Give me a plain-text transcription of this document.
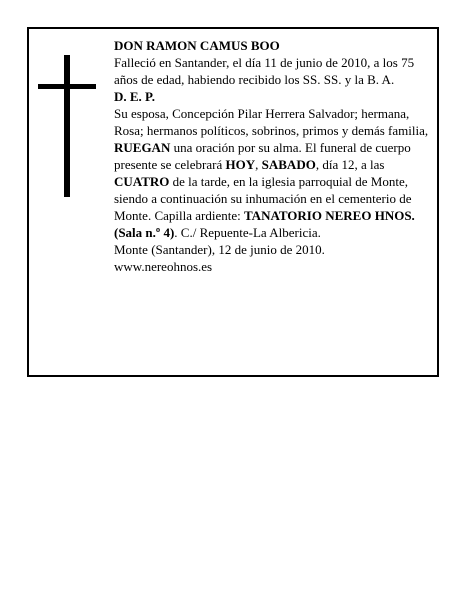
DON RAMON CAMUS BOO

Falleció en Santander, el día 11 de junio de 2010, a los 75 años de edad, habiendo recibido los SS. SS. y la B. A.

D. E. P.

Su esposa, Concepción Pilar Herrera Salvador; hermana, Rosa; hermanos políticos, sobrinos, primos y demás familia,

RUEGAN una oración por su alma. El funeral de cuerpo presente se celebrará HOY, SABADO, día 12, a las CUATRO de la tarde, en la iglesia parroquial de Monte, siendo a continuación su inhumación en el cementerio de Monte. Capilla ardiente: TANATORIO NEREO HNOS. (Sala n.º 4). C./ Repuente-La Albericia.

Monte (Santander), 12 de junio de 2010.

www.nereohnos.es
